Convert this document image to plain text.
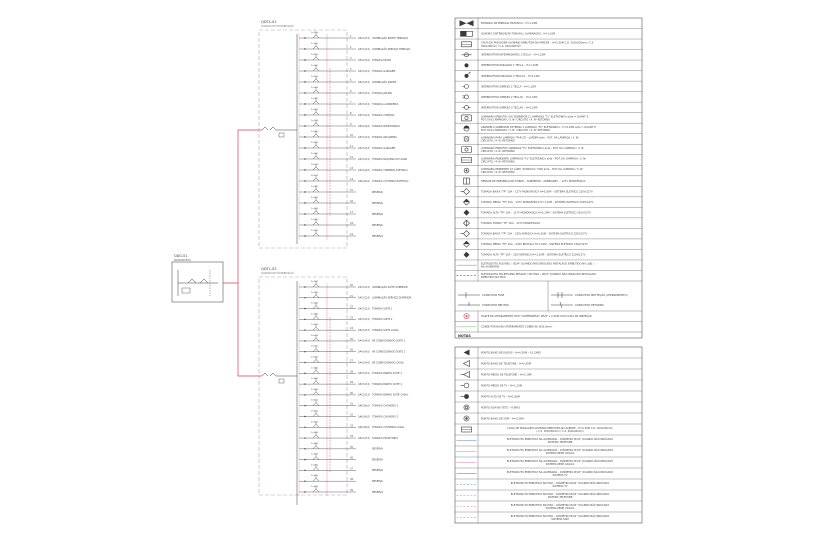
QDG-01
BARRAMENTO
QDTL-01
QUADRO DE DISTRIBUIÇÃO
1x10A
1
2#2,5(2,5) ILUMINAÇÃO RECEP. TERRAÇO
1x10A
2
2#2,5(2,5) ILUMINAÇÃO SERVIÇO TERRAÇO
1x20A
3
2#4,0(4,0) TOMADA ESTAR
1x16A
4
2#2,5(2,5) TOMADA GARAGEM
1x10A
5
2#2,5(2,5) ILUMINAÇÃO JARDIM
1x16A
6
2#2,5(2,5) TOMADA JANTAR
1x16A
7
2#2,5(2,5) TOMADA LAVANDERIA
1x16A
8
2#2,5(2,5) TOMADA COZINHA
1x20A
9
2#4,0(4,0) TOMADA MICROONDAS
1x16A
10
2#2,5(2,5) TOMADA GELADEIRA
1x16A
11
2#2,5(2,5) TOMADA GARAGEM
1x16A
12
2#2,5(2,5) TOMADA MÁQUINA DE LAVAR
1x25A
13
2#4,0(4,0) TOMADA TORNEIRA ELÉTRICA
2x32A
14
2#6,0(6,0) TOMADA CHUVEIRO ELÉTRICO
1x16A
15
RESERVA
1x16A
16
RESERVA
1x16A
17
RESERVA
1x16A
18
RESERVA
1x16A
19
RESERVA
QDTL-02
QUADRO DE DISTRIBUIÇÃO
1x10A
20
2#2,5(2,5) ILUMINAÇÃO SUÍTE SUPERIOR
1x10A
21
2#2,5(2,5) ILUMINAÇÃO SERVIÇO SUPERIOR
1x16A
22
2#2,5(2,5) TOMADA SUÍTE 1
1x16A
23
2#2,5(2,5) TOMADA SUÍTE 2
1x16A
24
2#2,5(2,5) TOMADA SUÍTE CASAL
2x20A
25
2#4,0(4,0) AR CONDICIONADO SUÍTE 1
2x20A
26
2#4,0(4,0) AR CONDICIONADO SUÍTE 2
2x20A
27
2#4,0(4,0) AR CONDICIONADO CASAL
1x16A
28
2#2,5(2,5) TOMADA BANHO SUÍTE 1
1x16A
29
2#2,5(2,5) TOMADA BANHO SUÍTE 2
1x16A
30
2#2,5(2,5) TOMADA BANHO SUÍTE CASAL
2x32A
31
2#6,0(6,0) TOMADA CHUVEIRO 1
2x32A
32
2#6,0(6,0) TOMADA CHUVEIRO 2
2x32A
33
2#6,0(6,0) TOMADA CHUVEIRO CASAL
1x16A
34
2#2,5(2,5) TOMADA ESCRITÓRIO
1x16A
35
RESERVA
1x16A
36
RESERVA
1x16A
37
RESERVA
1x16A
38
RESERVA
1x16A
39
RESERVA
ENTRADA DE ENERGIA TRIFÁSICA – H=1,10M
QUADRO DISTRIBUIÇÃO TOMADA / ILUMINAÇÃO – H=1,10M
CAIXA DE PASSAGEM ALUMÍNIO EMBUTIDA NA PAREDE – H=0,30M C.D. 200x200mm / C.3. 300x300mm / C.4. 400x400mm
INTERRUPTOR INTERMEDIÁRIO 1 TECLA – H=1,10M
INTERRUPTOR PARALELO 1 TECLA – H=1,10M
INTERRUPTOR PARALELO 2 TECLAS – H=1,10M
INTERRUPTOR SIMPLES 1 TECLA – H=1,10M
INTERRUPTOR SIMPLES 2 TECLAS – H=1,10M
INTERRUPTOR SIMPLES 3 TECLAS – H=1,10M
LUMINÁRIA EMBUTIR / DE SOBREPOR 2 LÂMPADAS "TL" ELETRÔNICA a/de = QUANT. E POT. DAS LÂMPADAS / 3. Nº CIRCUITO / 4. Nº RETORNO
ARANDELA SOBREPOR EXTERNA 1 LÂMPADA "FC" ELETRÔNICA – H=2,20M a/de = QUANT. E POT. DAS LÂMPADAS / 3. Nº CIRCUITO / 4. Nº RETORNO
LUMINÁRIA PARA LÂMPADA "PAR-20" – JARDIM a/de – POT. DA LÂMPADA / 3. Nº CIRCUITO / 4. Nº RETORNO
LUMINÁRIA EMBUTIR LÂMPADAS "TL" ELETRÔNICA a/de – POT. DA LÂMPADA / 3. Nº CIRCUITO / 4. Nº RETORNO
LUMINÁRIA PENDENTE LÂMPADAS "FL" ELETRÔNICA a/de – POT. DA LÂMPADA / 3. Nº CIRCUITO / 4. Nº RETORNO
LUMINÁRIA PENDENTE 1X LÂMP. "DICROICA" 50W a/de – POT. DA LÂMPADA / 3. Nº CIRCUITO / 4. Nº RETORNO
SENSOR DE PRESENÇA NO FORRO – SOBREPOR – OMNIDIREC. – 127V MONOFÁSICA
TOMADA BAIXA "TP" 10A – 127V MONOFÁSICA H=0,30M – SISTEMA ELÉTRICO 220V/127V
TOMADA MÉDIA "TP" 10A – 127V MONOFÁSICA H=1,10M – SISTEMA ELÉTRICO 220V/127V
TOMADA ALTA "TP" 10A – 127V MONOFÁSICA H=2,20M – SISTEMA ELÉTRICO 220V/127V
TOMADA FORRO "TP" 10A – 127V MONOFÁSICA
TOMADA BAIXA "TP" 20A – 220V BIFÁSICA H=0,30M – SISTEMA ELÉTRICO 220V/127V
TOMADA MÉDIA "TP" 20A – 220V BIFÁSICA H=1,10M – SISTEMA ELÉTRICO 220V/127V
TOMADA ALTA "TP" 20A – 220V BIFÁSICA H=2,20M – SISTEMA ELÉTRICO 220V/127V
ELETRODUTO FLEXÍVEL – Ø3/4" QUANDO NÃO INDICADO INSTALADO EMBUTIDO NA LAJE / NA ALVENARIA
ELETRODUTO POLIETILENO PESADO / NO PISO – Ø3/4" QUANDO NÃO INDICADO INSTALADO EMBUTIDO NO PISO
CONDUTOR FASE	CONDUTOR PROTEÇÃO (ATERRAMENTO)
CONDUTOR NEUTRO	CONDUTOR RETORNO
HASTE DE ATERRAMENTO TIPO "COPPERWELD" Ø5/8" x 2,40M COM CAIXA DE INSPEÇÃO
CONDUTOR NÚ/NU ATERRAMENTO COBRE NU Ø35,0mm²
NOTAS
PONTO BAIXO DE DADOS – H=0,30M – 01 CABO
PONTO BAIXO DE TELEFONE – H=0,30M
PONTO MÉDIO DE TELEFONE – H=1,10M
PONTO MÉDIO DE TV – H=1,10M
PONTO ALTO DE TV – H=1,80M
PONTO SOM NO TETO – FORRO
PONTO BAIXO DE SOM – H=0,30M
CAIXA DE PASSAGEM ALUMÍNIO EMBUTIDA NA PAREDE – H=0,30M C.D. 200x200mm / C.3. 300x300mm / C.4. 400x400mm
ELETRODUTO EMBUTIDO NA ALVENARIA – DIÂMETRO Ø3/4" QUANDO NÃO INDICADO SISTEMA TELEFONE
ELETRODUTO EMBUTIDO NA ALVENARIA – DIÂMETRO Ø3/4" QUANDO NÃO INDICADO SISTEMA REDE LÓGICA
ELETRODUTO EMBUTIDO NA ALVENARIA – DIÂMETRO Ø3/4" QUANDO NÃO INDICADO SISTEMA REDE LÓGICA
ELETRODUTO EMBUTIDO NA ALVENARIA – DIÂMETRO Ø3/4" QUANDO NÃO INDICADO SISTEMA TV
ELETRODUTO EMBUTIDO NO PISO – DIÂMETRO Ø3/4" QUANDO NÃO INDICADO SISTEMA TV
ELETRODUTO EMBUTIDO NO PISO – DIÂMETRO Ø3/4" QUANDO NÃO INDICADO SISTEMA TELEFONE
ELETRODUTO EMBUTIDO NO PISO – DIÂMETRO Ø3/4" QUANDO NÃO INDICADO SISTEMA REDE LÓGICA
ELETRODUTO EMBUTIDO NO PISO – DIÂMETRO Ø3/4" QUANDO NÃO INDICADO SISTEMA SOM
